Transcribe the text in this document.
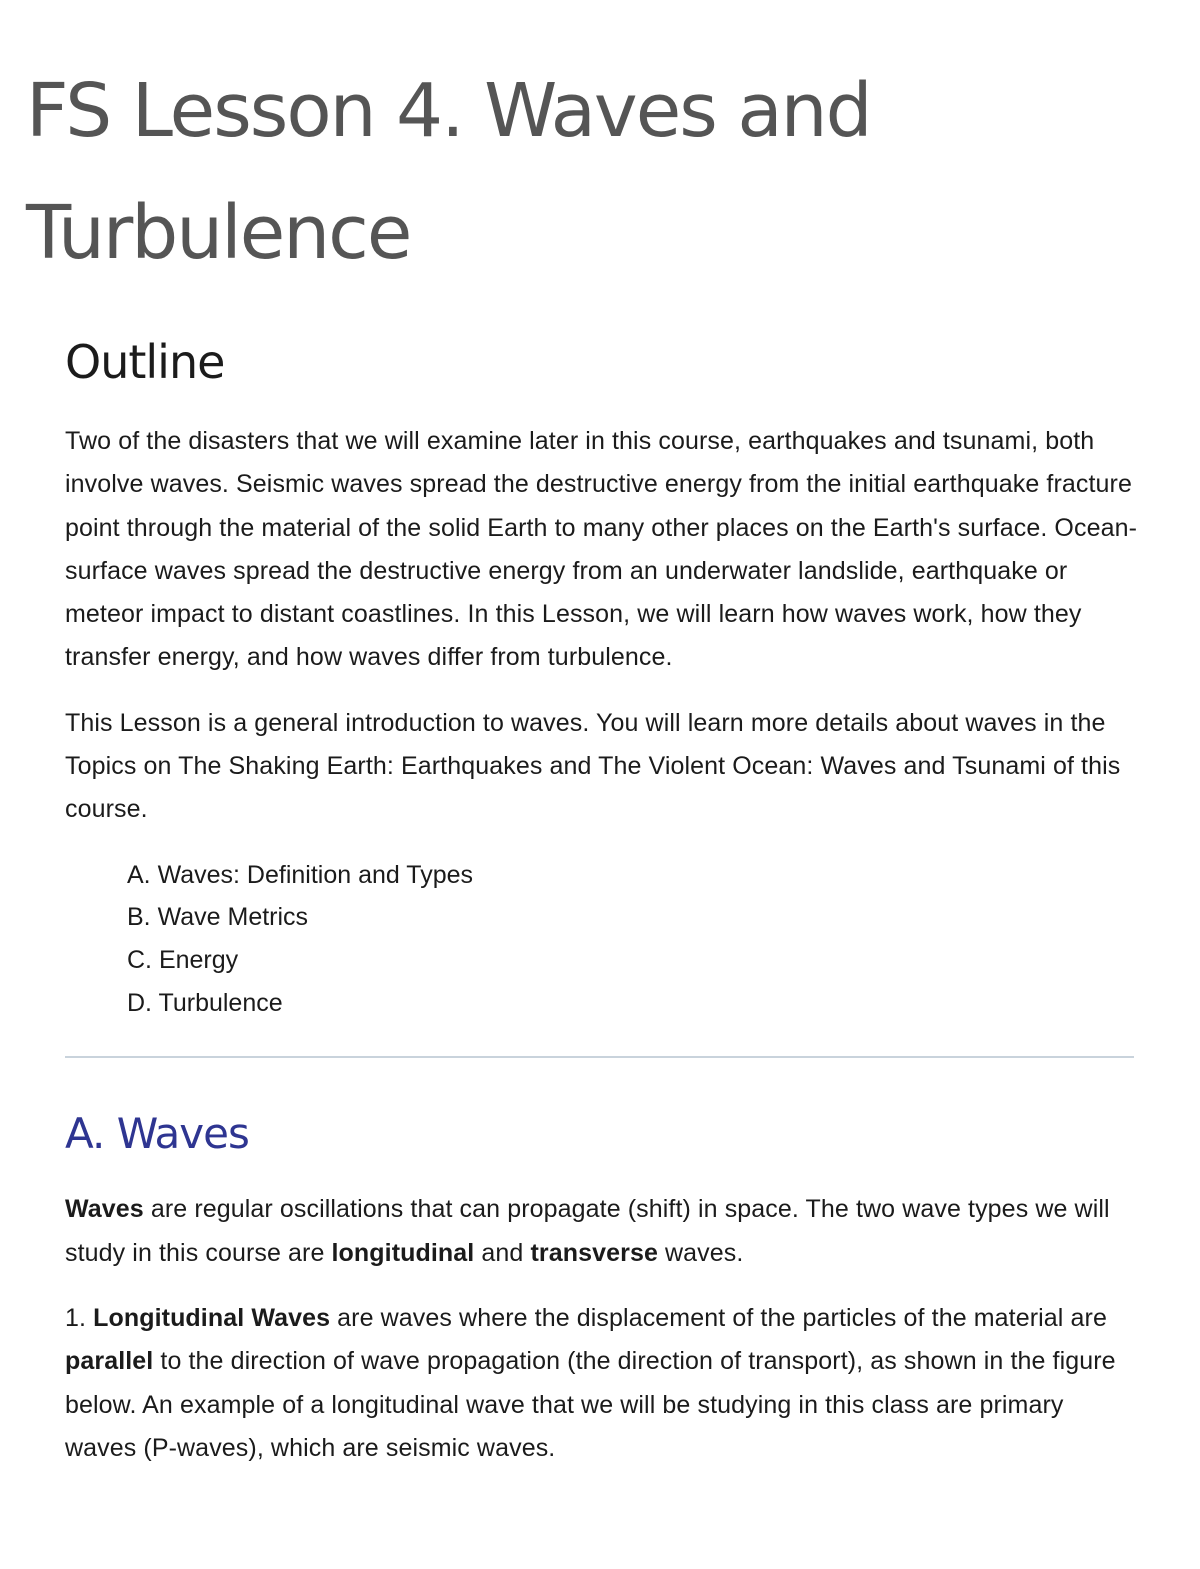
FS Lesson 4. Waves and
Turbulence
Outline

Two of the disasters that we will examine later in this course, earthquakes and tsunami, both involve waves. Seismic waves spread the destructive energy from the initial earthquake fracture point through the material of the solid Earth to many other places on the Earth's surface. Ocean-surface waves spread the destructive energy from an underwater landslide, earthquake or meteor impact to distant coastlines. In this Lesson, we will learn how waves work, how they transfer energy, and how waves differ from turbulence.

This Lesson is a general introduction to waves. You will learn more details about waves in the Topics on The Shaking Earth: Earthquakes and The Violent Ocean: Waves and Tsunami of this course.

A. Waves: Definition and Types
B. Wave Metrics
C. Energy
D. Turbulence
A. Waves

Waves are regular oscillations that can propagate (shift) in space. The two wave types we will study in this course are longitudinal and transverse waves.

1. Longitudinal Waves are waves where the displacement of the particles of the material are parallel to the direction of wave propagation (the direction of transport), as shown in the figure below. An example of a longitudinal wave that we will be studying in this class are primary waves (P-waves), which are seismic waves.
